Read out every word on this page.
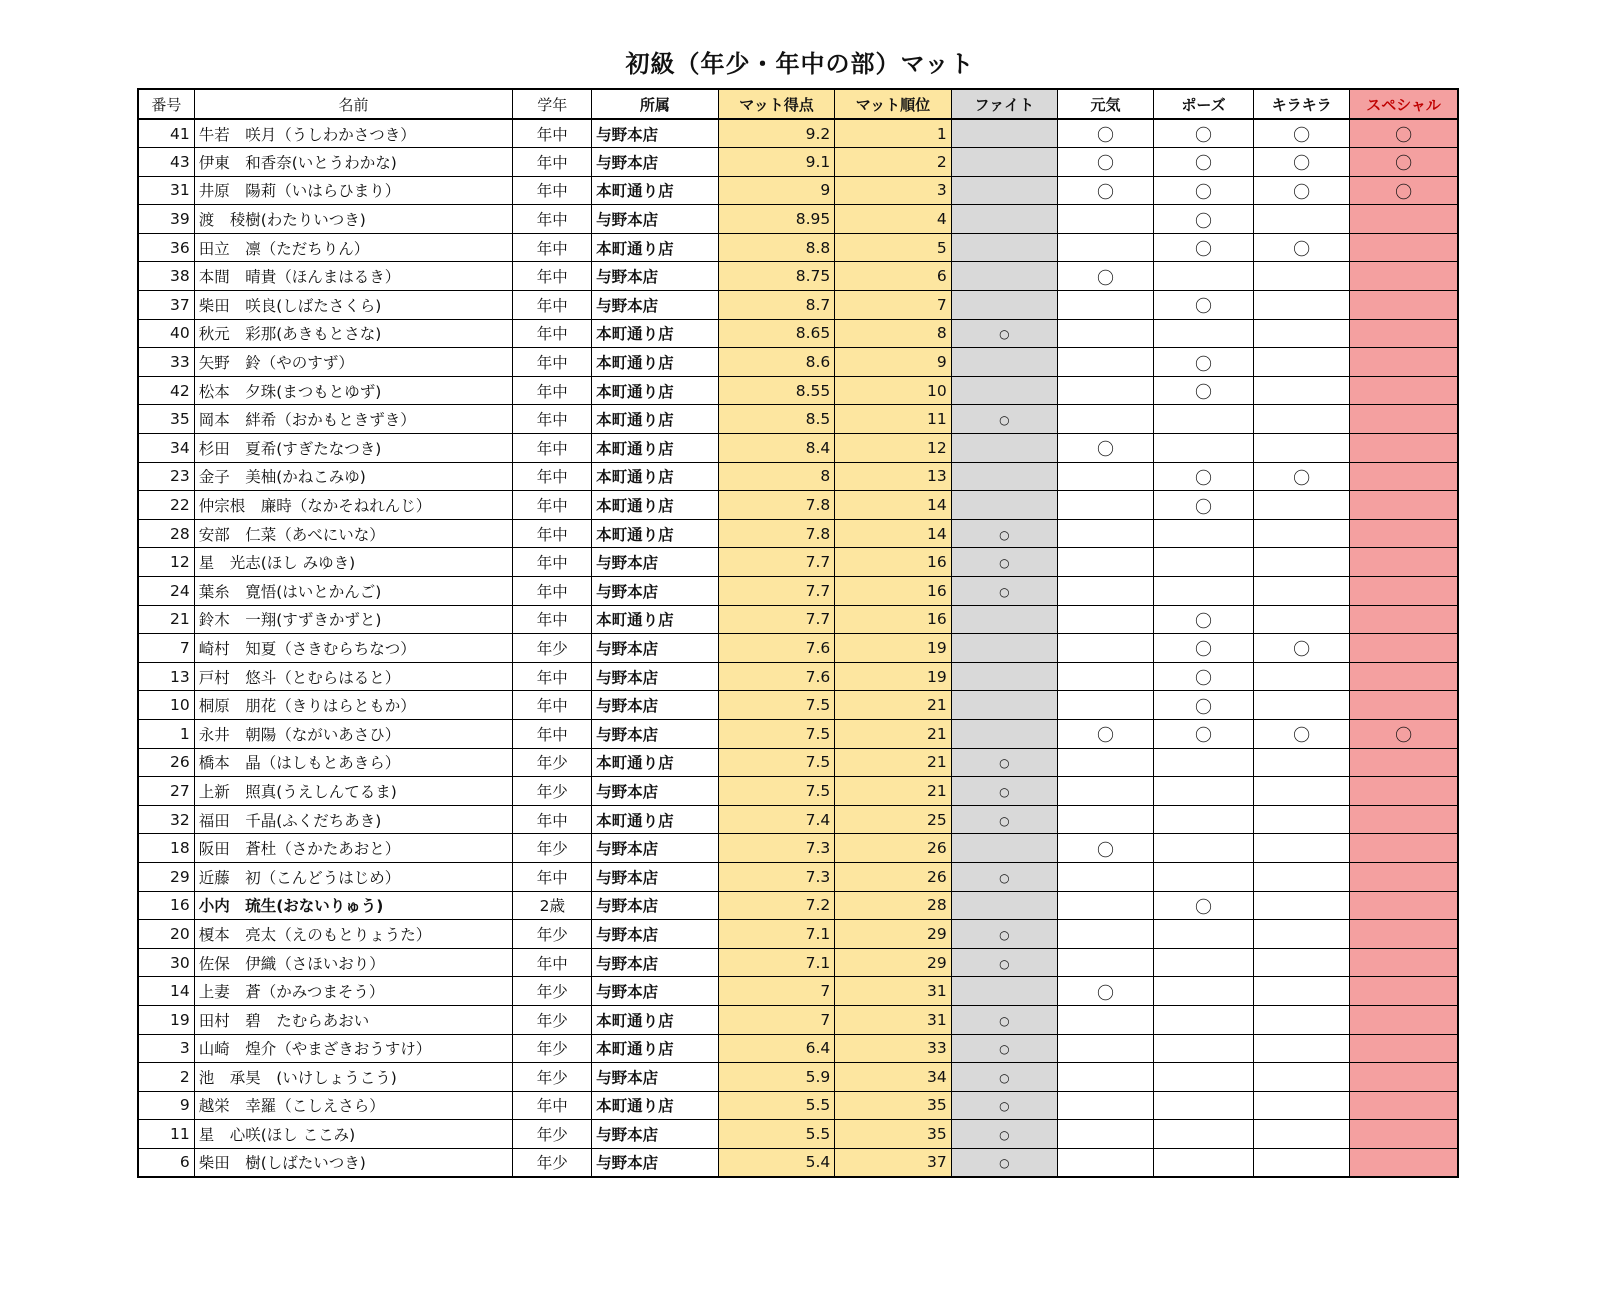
初級（年少・年中の部）マット
番号	名前	学年	所属	マット得点	マット順位	ファイト	元気	ポーズ	キラキラ	スペシャル
41	牛若　咲月（うしわかさつき）	年中	与野本店	9.2	1		〇	〇	〇	〇
43	伊東　和香奈(いとうわかな)	年中	与野本店	9.1	2		〇	〇	〇	〇
31	井原　陽莉（いはらひまり）	年中	本町通り店	9	3		〇	〇	〇	〇
39	渡　稜樹(わたりいつき)	年中	与野本店	8.95	4			〇		
36	田立　凛（ただちりん）	年中	本町通り店	8.8	5			〇	〇	
38	本間　晴貴（ほんまはるき）	年中	与野本店	8.75	6		〇			
37	柴田　咲良(しばたさくら)	年中	与野本店	8.7	7			〇		
40	秋元　彩那(あきもとさな)	年中	本町通り店	8.65	8	○				
33	矢野　鈴（やのすず）	年中	本町通り店	8.6	9			〇		
42	松本　夕珠(まつもとゆず)	年中	本町通り店	8.55	10			〇		
35	岡本　絆希（おかもときずき）	年中	本町通り店	8.5	11	○				
34	杉田　夏希(すぎたなつき)	年中	本町通り店	8.4	12		〇			
23	金子　美柚(かねこみゆ)	年中	本町通り店	8	13			〇	〇	
22	仲宗根　廉時（なかそねれんじ）	年中	本町通り店	7.8	14			〇		
28	安部　仁菜（あべにいな）	年中	本町通り店	7.8	14	○				
12	星　光志(ほし みゆき)	年中	与野本店	7.7	16	○				
24	葉糸　寛悟(はいとかんご)	年中	与野本店	7.7	16	○				
21	鈴木　一翔(すずきかずと)	年中	本町通り店	7.7	16			〇		
7	崎村　知夏（さきむらちなつ）	年少	与野本店	7.6	19			〇	〇	
13	戸村　悠斗（とむらはると）	年中	与野本店	7.6	19			〇		
10	桐原　朋花（きりはらともか）	年中	与野本店	7.5	21			〇		
1	永井　朝陽（ながいあさひ）	年中	与野本店	7.5	21		〇	〇	〇	〇
26	橋本　晶（はしもとあきら）	年少	本町通り店	7.5	21	○				
27	上新　照真(うえしんてるま)	年少	与野本店	7.5	21	○				
32	福田　千晶(ふくだちあき)	年中	本町通り店	7.4	25	○				
18	阪田　蒼杜（さかたあおと）	年少	与野本店	7.3	26		〇			
29	近藤　初（こんどうはじめ）	年中	与野本店	7.3	26	○				
16	小内　琉生(おないりゅう)	2歳	与野本店	7.2	28			〇		
20	榎本　亮太（えのもとりょうた）	年少	与野本店	7.1	29	○				
30	佐保　伊織（さほいおり）	年中	与野本店	7.1	29	○				
14	上妻　蒼（かみつまそう）	年少	与野本店	7	31		〇			
19	田村　碧　たむらあおい	年少	本町通り店	7	31	○				
3	山崎　煌介（やまざきおうすけ）	年少	本町通り店	6.4	33	○				
2	池　承昊　(いけしょうこう)	年少	与野本店	5.9	34	○				
9	越栄　幸羅（こしえさら）	年中	本町通り店	5.5	35	○				
11	星　心咲(ほし ここみ)	年少	与野本店	5.5	35	○				
6	柴田　樹(しばたいつき)	年少	与野本店	5.4	37	○				
